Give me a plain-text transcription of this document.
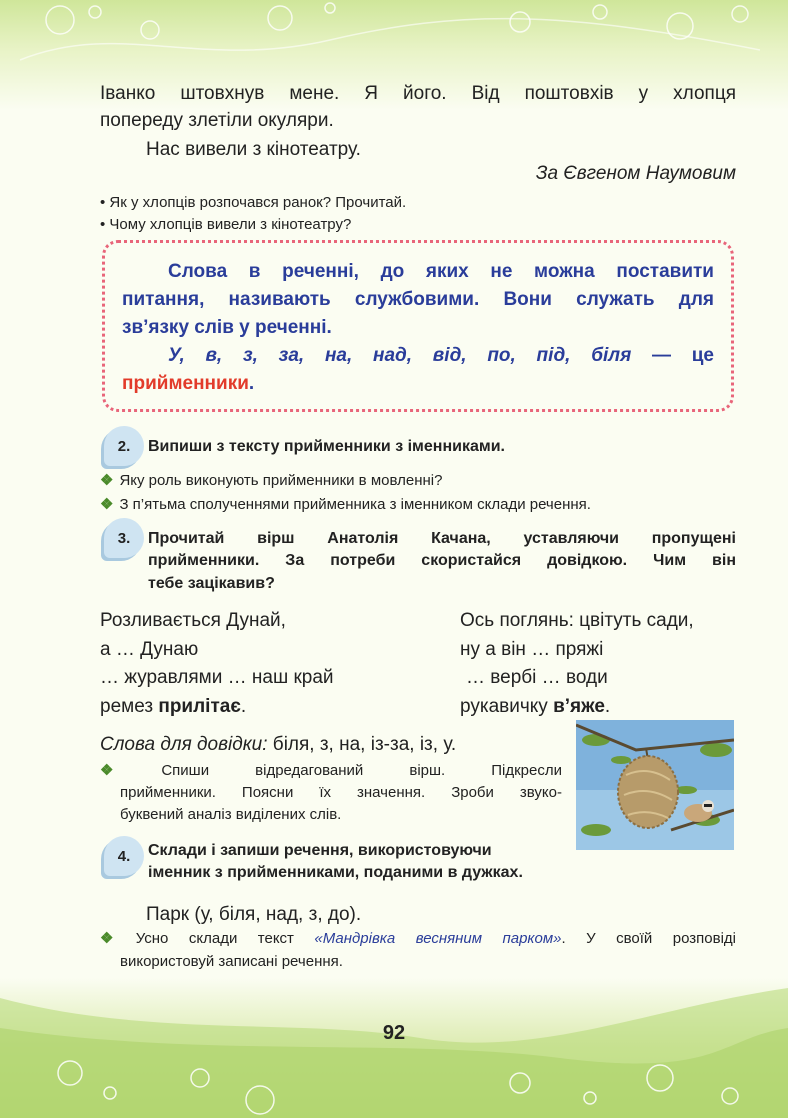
Іванко штовхнув мене. Я його. Від поштовхів у хлопця
попереду злетіли окуляри.
Нас вивели з кінотеатру.
За Євгеном Наумовим
• Як у хлопців розпочався ранок? Прочитай.
• Чому хлопців вивели з кінотеатру?
Слова в реченні, до яких не можна поставити
питання, називають службовими. Вони служать для
зв’язку слів у реченні.
У, в, з, за, на, над, від, по, під, біля — це
прийменники.
2.	Випиши з тексту прийменники з іменниками.
❖ Яку роль виконують прийменники в мовленні?
❖ З п’ятьма сполученнями прийменника з іменником склади речення.
3.	Прочитай вірш Анатолія Качана, уставляючи пропущені
прийменники. За потреби скористайся довідкою. Чим він
тебе зацікавив?
Розливається Дунай,
а … Дунаю
… журавлями … наш край
ремез прилітає.
Ось поглянь: цвітуть сади,
ну а він … пряжі
… вербі … води
рукавичку в’яже.
Слова для довідки: біля, з, на, із-за, із, у.
❖ Спиши відредагований вірш. Підкресли
прийменники. Поясни їх значення. Зроби звуко-
буквений аналіз виділених слів.
4.	Склади і запиши речення, використовуючи
іменник з прийменниками, поданими в дужках.
Парк (у, біля, над, з, до).
❖ Усно склади текст «Мандрівка весняним парком». У своїй розповіді
використовуй записані речення.
92
